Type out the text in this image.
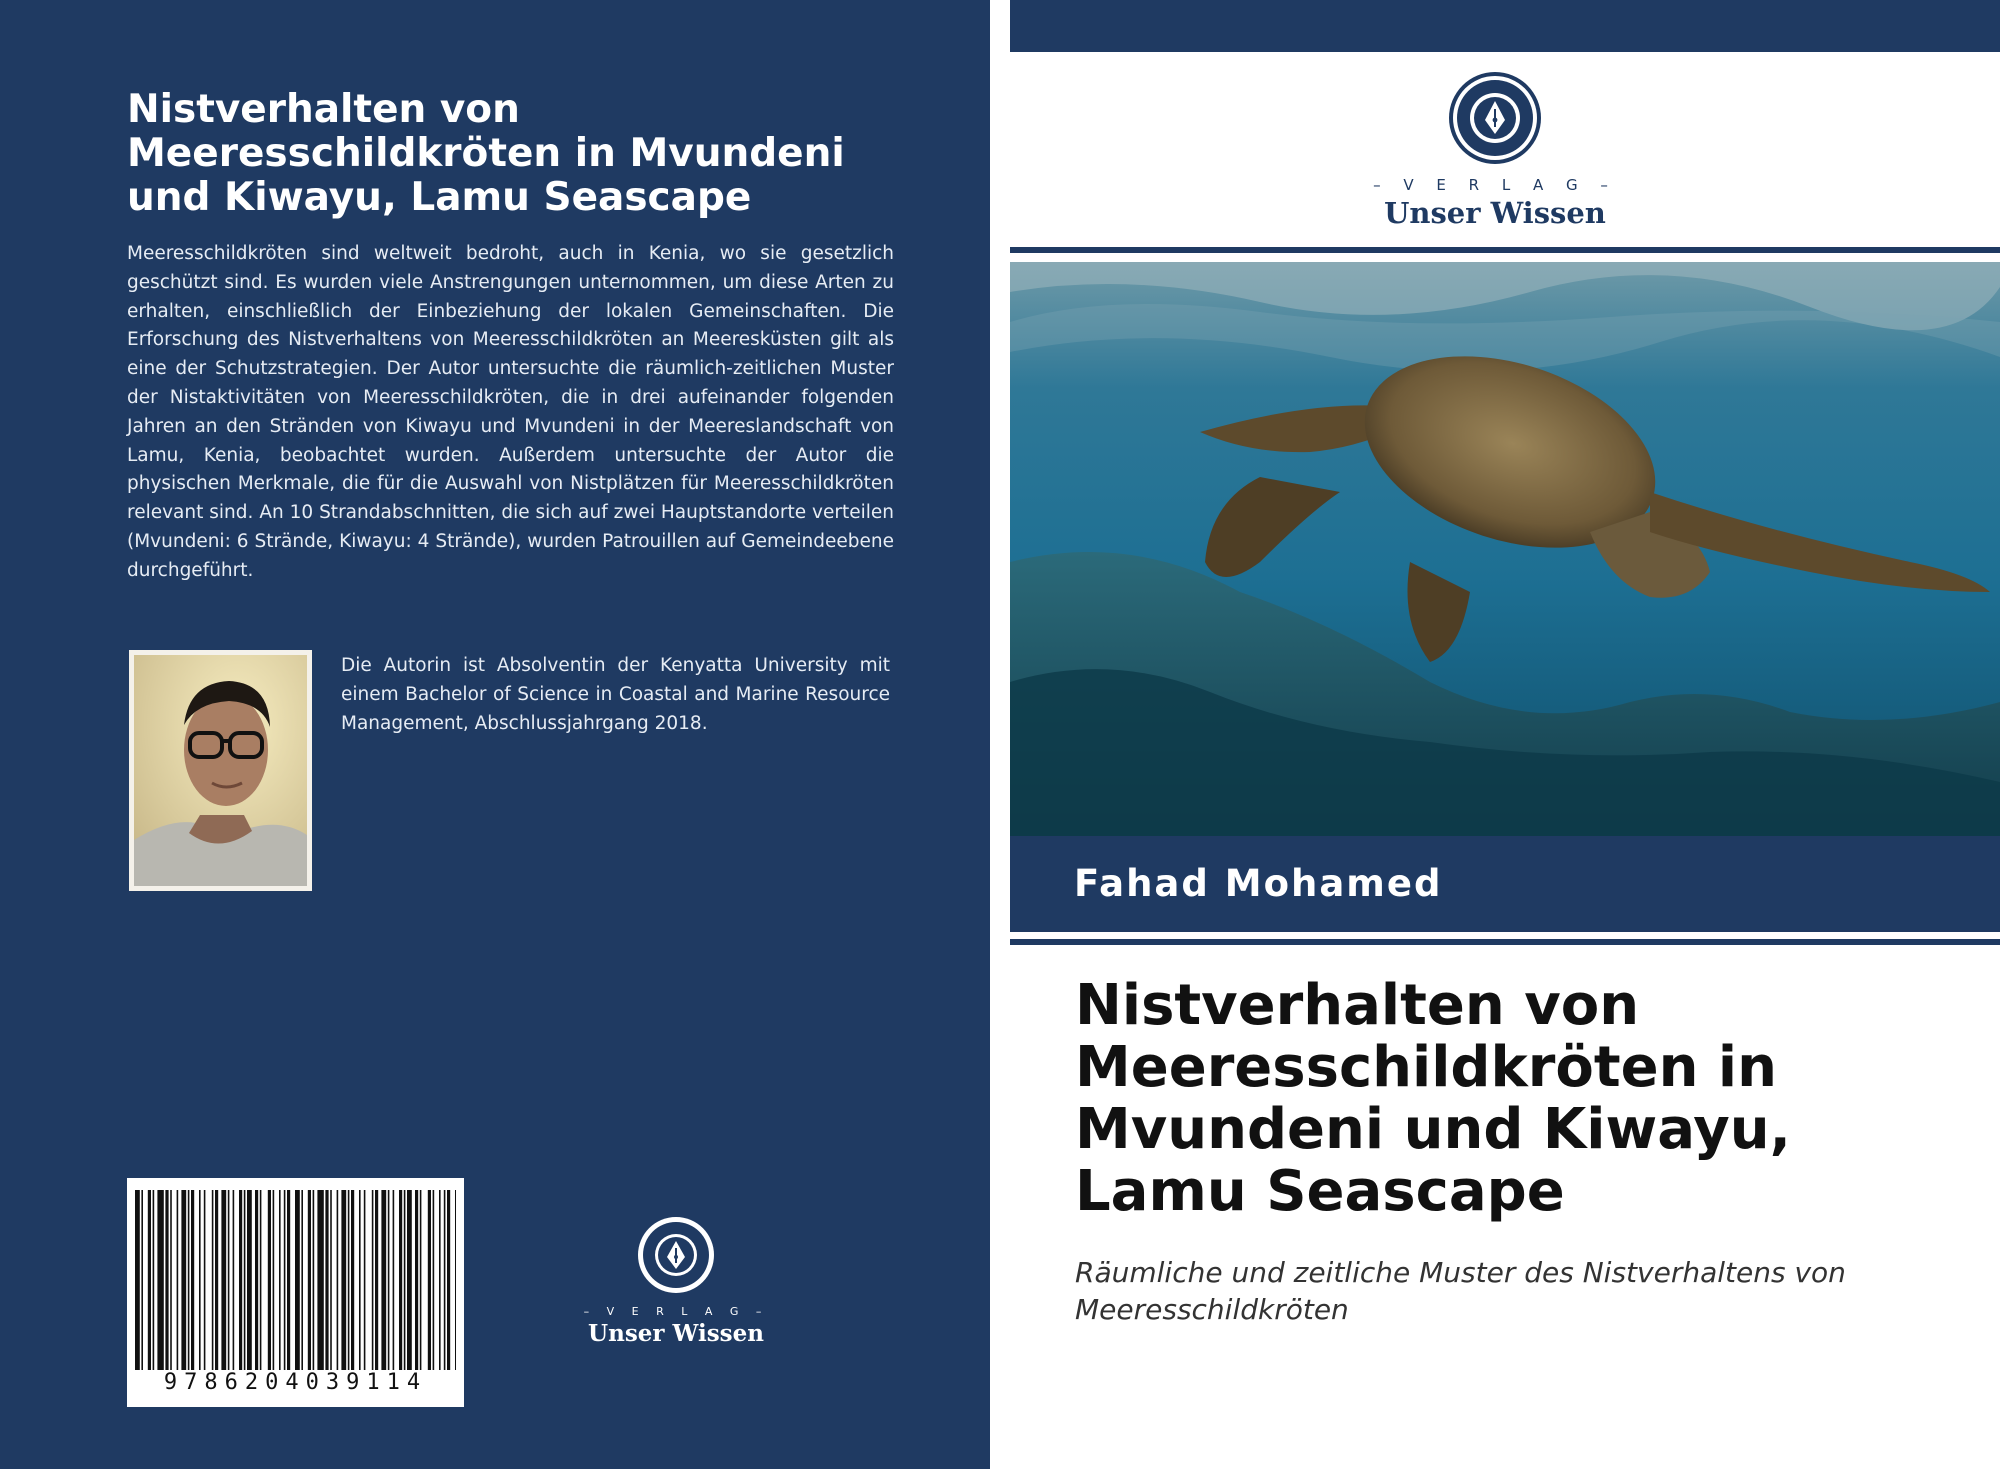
Nistverhalten von Meeresschildkröten in Mvundeni und Kiwayu, Lamu Seascape

Meeresschildkröten sind weltweit bedroht, auch in Kenia, wo sie gesetzlich geschützt sind. Es wurden viele Anstrengungen unternommen, um diese Arten zu erhalten, einschließlich der Einbeziehung der lokalen Gemeinschaften. Die Erforschung des Nistverhaltens von Meeresschildkröten an Meeresküsten gilt als eine der Schutzstrategien. Der Autor untersuchte die räumlich-zeitlichen Muster der Nistaktivitäten von Meeresschildkröten, die in drei aufeinander folgenden Jahren an den Stränden von Kiwayu und Mvundeni in der Meereslandschaft von Lamu, Kenia, beobachtet wurden. Außerdem untersuchte der Autor die physischen Merkmale, die für die Auswahl von Nistplätzen für Meeresschildkröten relevant sind. An 10 Strandabschnitten, die sich auf zwei Hauptstandorte verteilen (Mvundeni: 6 Strände, Kiwayu: 4 Strände), wurden Patrouillen auf Gemeindeebene durchgeführt.

Die Autorin ist Absolventin der Kenyatta University mit einem Bachelor of Science in Coastal and Marine Resource Management, Abschlussjahrgang 2018.

9786204039114
– V E R L A G –
Unser Wissen
– V E R L A G –
Unser Wissen
Fahad Mohamed
Nistverhalten von Meeresschildkröten in Mvundeni und Kiwayu, Lamu Seascape

Räumliche und zeitliche Muster des Nistverhaltens von Meeresschildkröten
